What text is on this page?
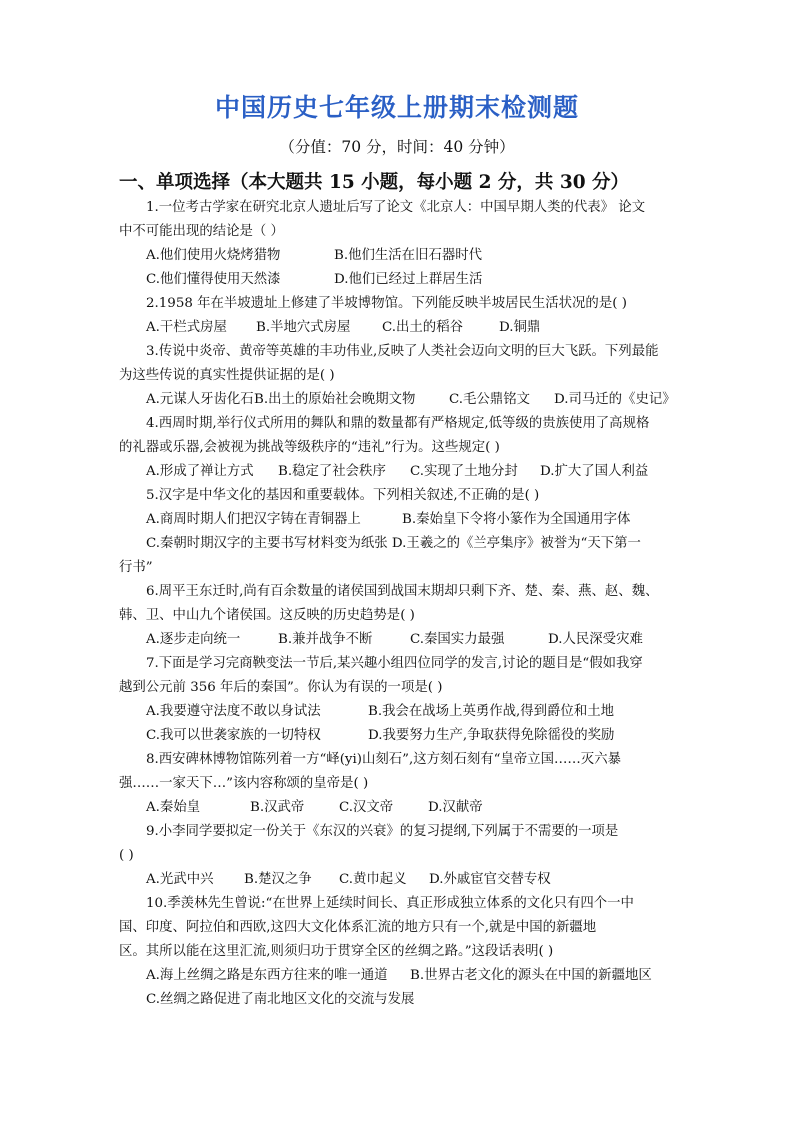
中国历史七年级上册期末检测题
（分值：70 分，时间：40 分钟）
一、单项选择（本大题共 15 小题，每小题 2 分，共 30 分）
1.一位考古学家在研究北京人遗址后写了论文《北京人：中国早期人类的代表》 论文
中不可能出现的结论是（ ）
A.他们使用火烧烤猎物	B.他们生活在旧石器时代
C.他们懂得使用天然漆	D.他们已经过上群居生活
2.1958 年在半坡遗址上修建了半坡博物馆。下列能反映半坡居民生活状况的是( )
A.干栏式房屋 B.半地穴式房屋 C.出土的稻谷	D.铜鼎
3.传说中炎帝、黄帝等英雄的丰功伟业,反映了人类社会迈向文明的巨大飞跃。下列最能
为这些传说的真实性提供证据的是( )
A.元谋人牙齿化石 B.出土的原始社会晚期文物	C.毛公鼎铭文 D.司马迁的《史记》
4.西周时期,举行仪式所用的舞队和鼎的数量都有严格规定,低等级的贵族使用了高规格
的礼器或乐器,会被视为挑战等级秩序的“违礼”行为。这些规定( )
A.形成了禅让方式 B.稳定了社会秩序 C.实现了土地分封 D.扩大了国人利益
5.汉字是中华文化的基因和重要载体。下列相关叙述,不正确的是( )
A.商周时期人们把汉字铸在青铜器上	B.秦始皇下令将小篆作为全国通用字体
C.秦朝时期汉字的主要书写材料变为纸张 D.王羲之的《兰亭集序》被誉为“天下第一
行书”
6.周平王东迁时,尚有百余数量的诸侯国到战国末期却只剩下齐、楚、秦、燕、赵、魏、
韩、卫、中山九个诸侯国。这反映的历史趋势是( )
A.逐步走向统一	B.兼并战争不断	C.秦国实力最强	D.人民深受灾难
7.下面是学习完商鞅变法一节后,某兴趣小组四位同学的发言,讨论的题目是“假如我穿
越到公元前 356 年后的秦国”。你认为有误的一项是( )
A.我要遵守法度不敢以身试法	B.我会在战场上英勇作战,得到爵位和土地
C.我可以世袭家族的一切特权	D.我要努力生产,争取获得免除徭役的奖励
8.西安碑林博物馆陈列着一方“峄(yi)山刻石”,这方刻石刻有“皇帝立国……灭六暴
强……一家天下…”该内容称颂的皇帝是( )
A.秦始皇	B.汉武帝	C.汉文帝	D.汉献帝
9.小李同学要拟定一份关于《东汉的兴衰》的复习提纲,下列属于不需要的一项是
( )
A.光武中兴 B.楚汉之争 C.黄巾起义 D.外戚宦官交替专权
10.季羡林先生曾说:“在世界上延续时间长、真正形成独立体系的文化只有四个一中
国、印度、阿拉伯和西欧,这四大文化体系汇流的地方只有一个,就是中国的新疆地
区。其所以能在这里汇流,则须归功于贯穿全区的丝绸之路。”这段话表明( )
A.海上丝绸之路是东西方往来的唯一通道 B.世界古老文化的源头在中国的新疆地区
C.丝绸之路促进了南北地区文化的交流与发展
